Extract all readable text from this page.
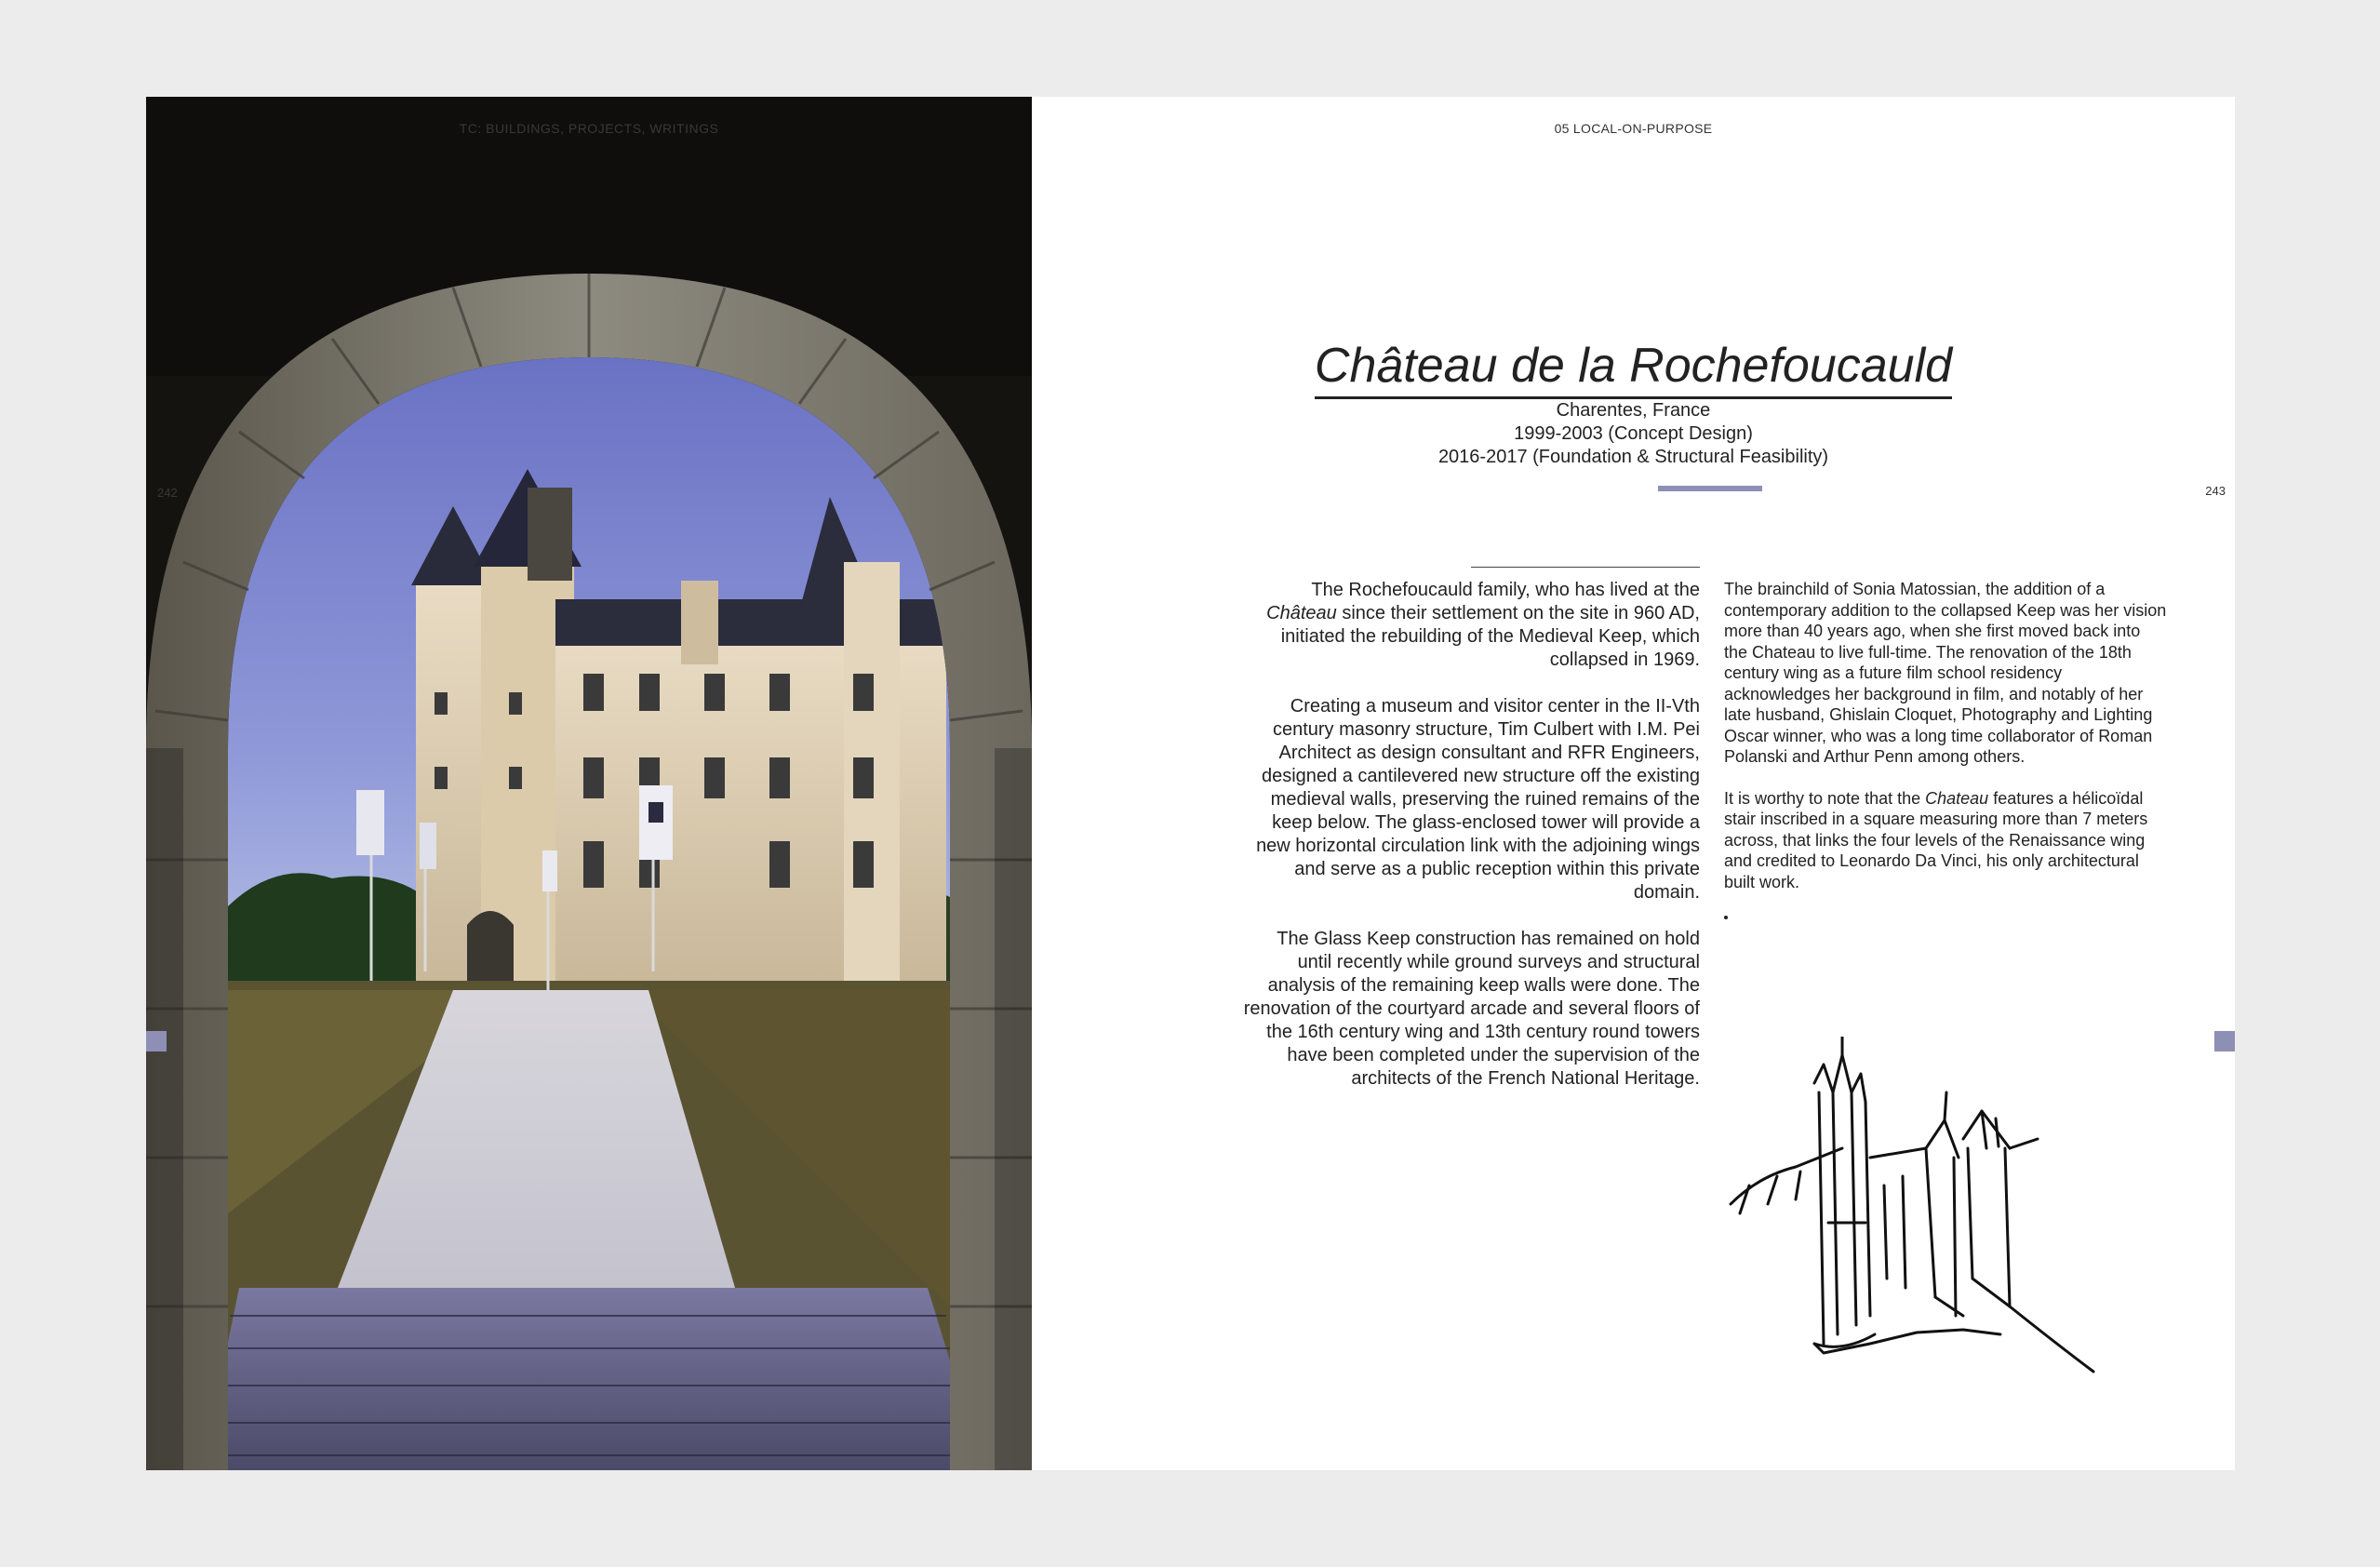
TC: BUILDINGS, PROJECTS, WRITINGS
242
05 LOCAL-ON-PURPOSE
243
Château de la Rochefoucauld
Charentes, France
1999-2003 (Concept Design)
2016-2017 (Foundation & Structural Feasibility)

The Rochefoucauld family, who has lived at the Château since their settlement on the site in 960 AD, initiated the rebuilding of the Medieval Keep, which collapsed in 1969.

Creating a museum and visitor center in the II-Vth century masonry structure, Tim Culbert with I.M. Pei Architect as design consultant and RFR Engineers, designed a cantilevered new structure off the existing medieval walls, preserving the ruined remains of the keep below. The glass-enclosed tower will provide a new horizontal circulation link with the adjoining wings and serve as a public reception within this private domain.

The Glass Keep construction has remained on hold until recently while ground surveys and structural analysis of the remaining keep walls were done. The renovation of the courtyard arcade and several floors of the 16th century wing and 13th century round towers have been completed under the supervision of the architects of the French National Heritage.

The brainchild of Sonia Matossian, the addition of a contemporary addition to the collapsed Keep was her vision more than 40 years ago, when she first moved back into the Chateau to live full-time. The renovation of the 18th century wing as a future film school residency acknowledges her background in film, and notably of her late husband, Ghislain Cloquet, Photography and Lighting Oscar winner, who was a long time collaborator of Roman Polanski and Arthur Penn among others.

It is worthy to note that the Chateau features a hélicoïdal stair inscribed in a square measuring more than 7 meters across, that links the four levels of the Renaissance wing and credited to Leonardo Da Vinci, his only architectural built work.
